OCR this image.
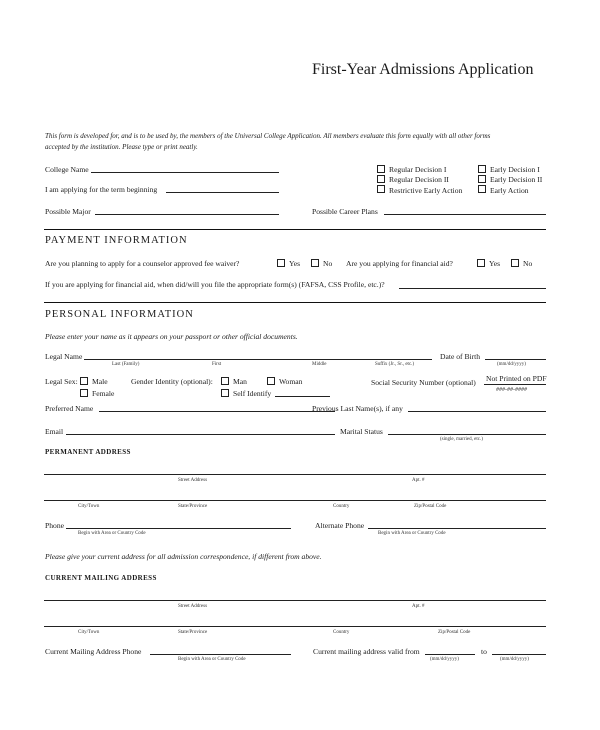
First-Year Admissions Application
This form is developed for, and is to be used by, the members of the Universal College Application. All members evaluate this form equally with all other forms
accepted by the institution. Please type or print neatly.
College Name
I am applying for the term beginning
Regular Decision I	Early Decision I
Regular Decision II	Early Decision II
Restrictive Early Action	Early Action
Possible Major	Possible Career Plans
PAYMENT INFORMATION
Are you planning to apply for a counselor approved fee waiver?	Yes	No Are you applying for financial aid?	Yes	No
If you are applying for financial aid, when did/will you file the appropriate form(s) (FAFSA, CSS Profile, etc.)?
PERSONAL INFORMATION
Please enter your name as it appears on your passport or other official documents.
Legal Name
Last (Family)	First	Middle	Suffix (Jr., Sr., etc.)
Date of Birth
(mm/dd/yyyy)
Legal Sex: Male
Female
Gender Identity (optional):	Man	Woman
Self Identify
Social Security Number (optional) Not Printed on PDF
###-##-####
Preferred Name	Previous Last Name(s), if any
Email	Marital Status
(single, married, etc.)
PERMANENT ADDRESS
Street Address	Apt. #
City/Town	State/Province	Country	Zip/Postal Code
Phone
Begin with Area or Country Code
Alternate Phone
Begin with Area or Country Code
Please give your current address for all admission correspondence, if different from above.
CURRENT MAILING ADDRESS
Street Address	Apt. #
City/Town	State/Province	Country	Zip/Postal Code
Current Mailing Address Phone
Begin with Area or Country Code
Current mailing address valid from
(mm/dd/yyyy)
to
(mm/dd/yyyy)
